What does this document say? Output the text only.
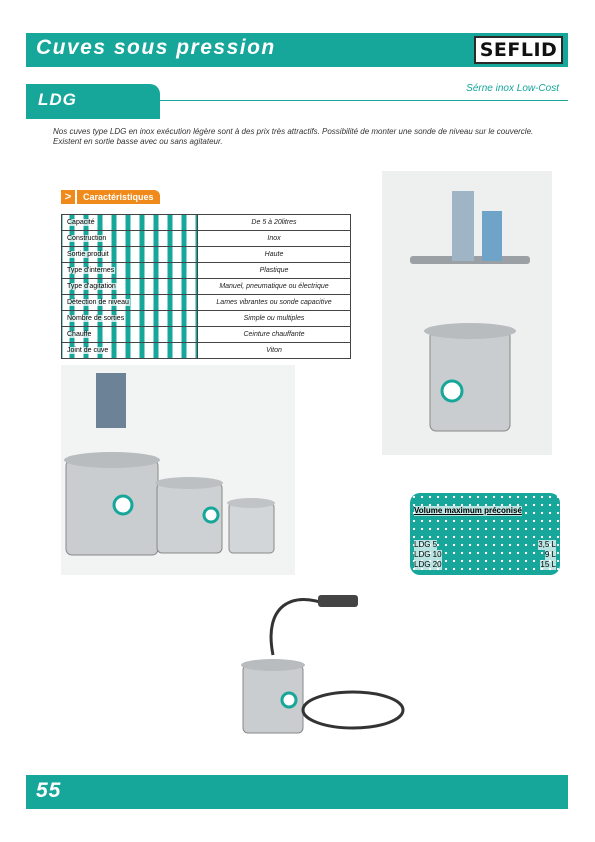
Cuves sous pression	SEFLID
LDG
Sérne inox Low-Cost
Nos cuves type LDG en inox exécution légère sont à des prix très attractifs. Possibilité de monter une sonde de niveau sur le couvercle. Existent en sortie basse avec ou sans agitateur.
>	Caractéristiques
Capacité	De 5 à 20litres
Construction	Inox
Sortie produit	Haute
Type d'internes	Plastique
Type d'agitation	Manuel, pneumatique ou électrique
Détection de niveau	Lames vibrantes ou sonde capacitive
Nombre de sorties	Simple ou multiples
Chauffe	Ceinture chauffante
Joint de cuve	Viton
Volume maximum préconisé
LDG 5	3,5 L
LDG 10	9 L
LDG 20	15 L
55
